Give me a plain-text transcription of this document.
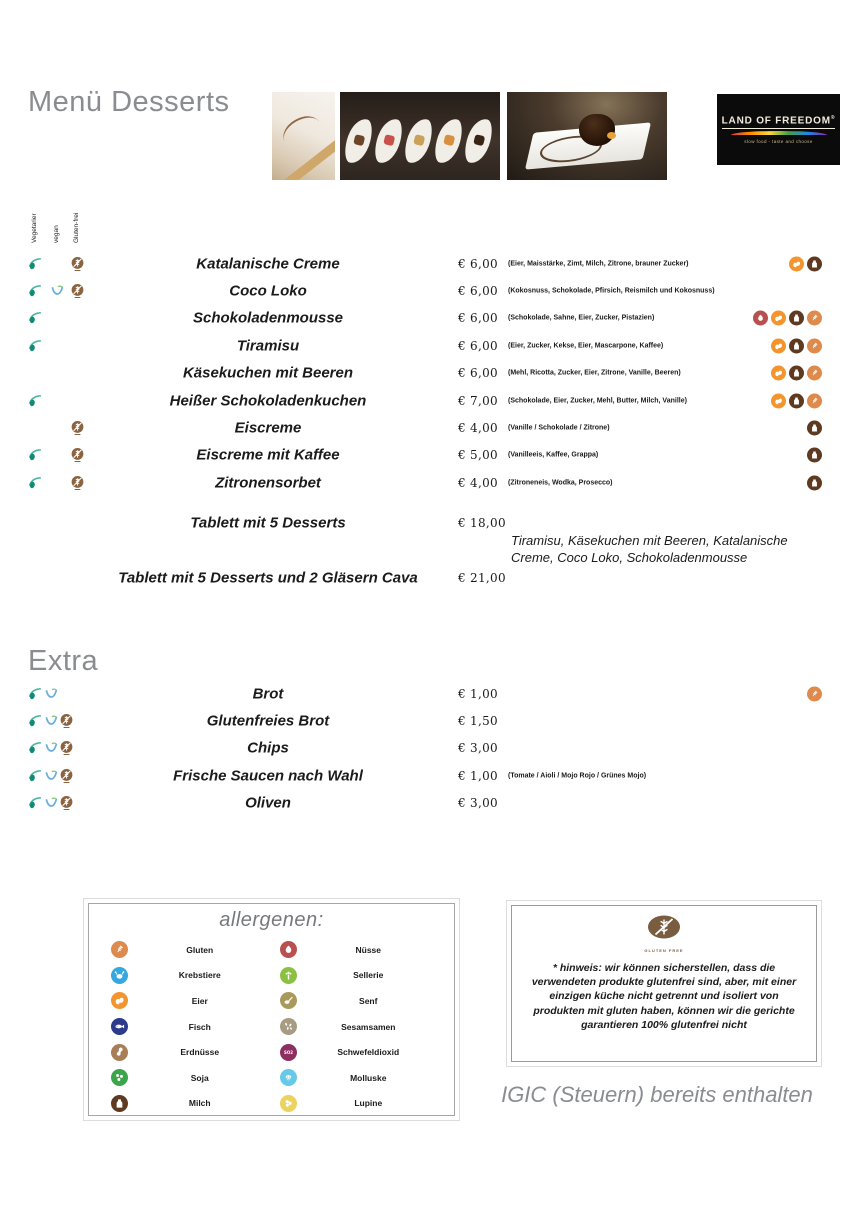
Menü Desserts
LAND OF FREEDOM®
slow food - taste and choose
Vegetarier vegan Gluten-frei
Katalanische Creme	€ 6,00 (Eier, Maisstärke, Zimt, Milch, Zitrone, brauner Zucker)
Coco Loko	€ 6,00 (Kokosnuss, Schokolade, Pfirsich, Reismilch und Kokosnuss)
Schokoladenmousse	€ 6,00 (Schokolade, Sahne, Eier, Zucker, Pistazien)
Tiramisu	€ 6,00 (Eier, Zucker, Kekse, Eier, Mascarpone, Kaffee)
Käsekuchen mit Beeren	€ 6,00 (Mehl, Ricotta, Zucker, Eier, Zitrone, Vanille, Beeren)
Heißer Schokoladenkuchen	€ 7,00 (Schokolade, Eier, Zucker, Mehl, Butter, Milch, Vanille)
Eiscreme	€ 4,00 (Vanille / Schokolade / Zitrone)
Eiscreme mit Kaffee	€ 5,00 (Vanilleeis, Kaffee, Grappa)
Zitronensorbet	€ 4,00 (Zitroneneis, Wodka, Prosecco)
Tablett mit 5 Desserts	€ 18,00
Tiramisu, Käsekuchen mit Beeren, Katalanische Creme, Coco Loko, Schokoladenmousse
Tablett mit 5 Desserts und 2 Gläsern Cava	€ 21,00
Extra
Brot	€ 1,00
Glutenfreies Brot	€ 1,50
Chips	€ 3,00
Frische Saucen nach Wahl	€ 1,00 (Tomate / Aioli / Mojo Rojo / Grünes Mojo)
Oliven	€ 3,00
allergenen:
Gluten
Krebstiere
Eier
Fisch
Erdnüsse
Soja
Milch
Nüsse
Sellerie
Senf
Sesamsamen
SO2	Schwefeldioxid
Molluske
Lupine
GLUTEN FREE
* hinweis: wir können sicherstellen, dass die verwendeten produkte glutenfrei sind, aber, mit einer einzigen küche nicht getrennt und isoliert von produkten mit gluten haben, können wir die gerichte garantieren 100% glutenfrei nicht
IGIC (Steuern) bereits enthalten
